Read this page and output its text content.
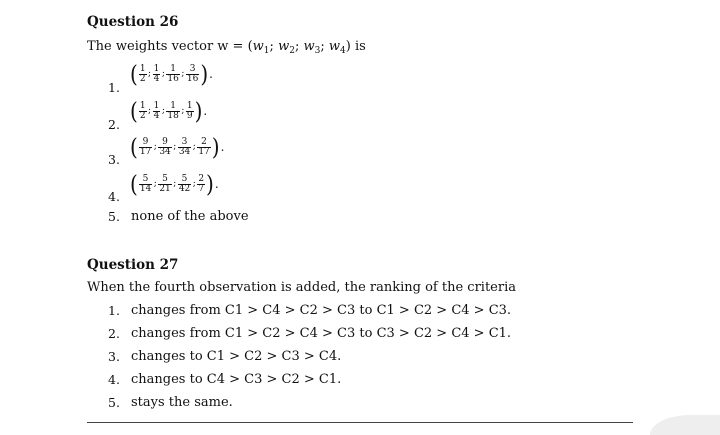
Question 26
The weights vector $w = (w_1$; $w_2$; $w_3$; $w_4$) is
1. ( $\frac{1}{2}$ ; $\frac{1}{4}$ ; $\frac{1}{16}$ ; $\frac{3}{16}$ ) .
2. ( $\frac{1}{2}$ ; $\frac{1}{4}$ ; $\frac{1}{18}$ ; $\frac{1}{9}$ ) .
3. ( $\frac{9}{17}$ ; $\frac{9}{34}$ ; $\frac{3}{34}$ ; $\frac{2}{17}$ ) .
4. ( $\frac{5}{14}$ ; $\frac{5}{21}$ ; $\frac{5}{42}$ ; $\frac{2}{7}$ ) .
5. none of the above
Question 27
When the fourth observation is added, the ranking of the criteria
1. changes from C1 > C4 > C2 > C3 to C1 > C2 > C4 > C3.
2. changes from C1 > C2 > C4 > C3 to C3 > C2 > C4 > C1.
3. changes to C1 > C2 > C3 > C4.
4. changes to C4 > C3 > C2 > C1.
5. stays the same.
